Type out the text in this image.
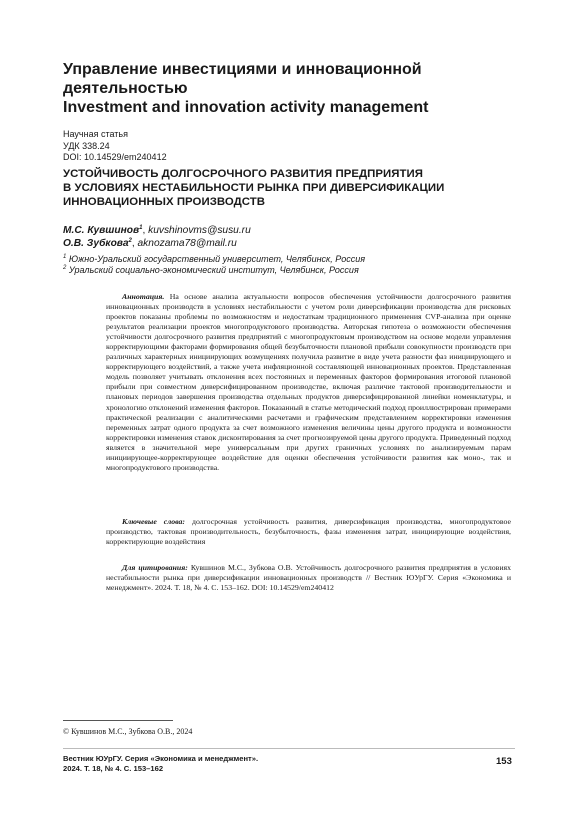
Управление инвестициями и инновационной
деятельностью
Investment and innovation activity management
Научная статья
УДК 338.24
DOI: 10.14529/em240412
УСТОЙЧИВОСТЬ ДОЛГОСРОЧНОГО РАЗВИТИЯ ПРЕДПРИЯТИЯ
В УСЛОВИЯХ НЕСТАБИЛЬНОСТИ РЫНКА ПРИ ДИВЕРСИФИКАЦИИ
ИННОВАЦИОННЫХ ПРОИЗВОДСТВ
М.С. Кувшинов$^1$, kuvshinovms@susu.ru
О.В. Зубкова$^2$, aknozama78@mail.ru
$^1$ Южно-Уральский государственный университет, Челябинск, Россия
$^2$ Уральский социально-экономический институт, Челябинск, Россия
Аннотация. На основе анализа актуальности вопросов обеспечения устойчивости долгосрочного развития инновационных производств в условиях нестабильности с учетом роли диверсификации производства для рисковых проектов показаны проблемы по возможностям и недостаткам традиционного применения CVP-анализа при оценке результатов реализации проектов многопродуктового производства. Авторская гипотеза о возможности обеспечения устойчивости долгосрочного развития предприятий с многопродуктовым производством на основе модели управления корректирующими факторами формирования общей безубыточности плановой прибыли совокупности производств при различных характерных инициирующих возмущениях получила развитие в виде учета разности фаз инициирующего и корректирующего воздействий, а также учета инфляционной составляющей инновационных проектов. Представленная модель позволяет учитывать отклонения всех постоянных и переменных факторов формирования итоговой плановой прибыли при совместном диверсифицированном производстве, включая различие тактовой производительности и плановых периодов завершения производства отдельных продуктов диверсифицированной линейки номенклатуры, и хронологию отклонений изменения факторов. Показанный в статье методический подход проиллюстрирован примерами практической реализации с аналитическими расчетами и графическим представлением корректировки изменения переменных затрат одного продукта за счет возможного изменения величины цены другого продукта и возможности корректировки изменения ставок дисконтирования за счет прогнозируемой цены другого продукта. Приведенный подход является в значительной мере универсальным при других граничных условиях по анализируемым парам инициирующее-корректирующее воздействие для оценки обеспечения устойчивости развития как моно-, так и многопродуктового производства.
Ключевые слова: долгосрочная устойчивость развития, диверсификация производства, многопродуктовое производство, тактовая производительность, безубыточность, фазы изменения затрат, инициирующие воздействия, корректирующие воздействия
Для цитирования: Кувшинов М.С., Зубкова О.В. Устойчивость долгосрочного развития предприятия в условиях нестабильности рынка при диверсификации инновационных производств // Вестник ЮУрГУ. Серия «Экономика и менеджмент». 2024. Т. 18, № 4. С. 153–162. DOI: 10.14529/em240412
© Кувшинов М.С., Зубкова О.В., 2024
Вестник ЮУрГУ. Серия «Экономика и менеджмент».
2024. Т. 18, № 4. С. 153–162
153
